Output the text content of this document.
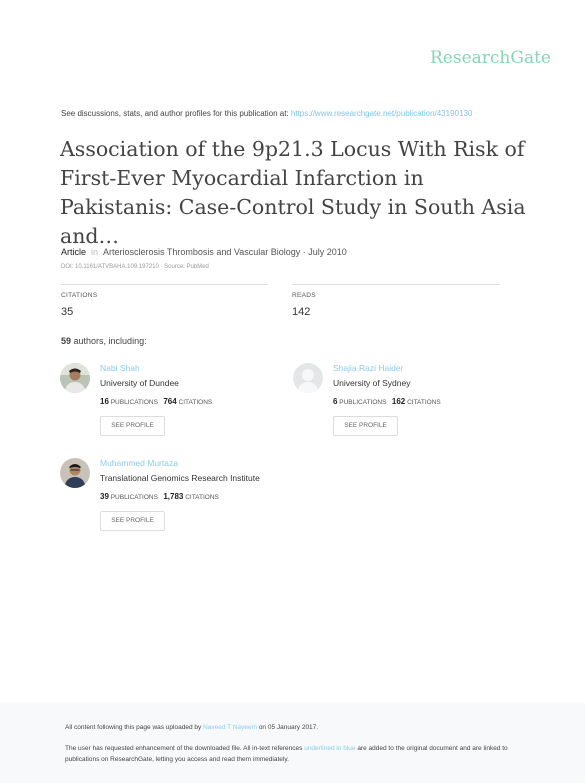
ResearchGate
See discussions, stats, and author profiles for this publication at: https://www.researchgate.net/publication/43190130
Association of the 9p21.3 Locus With Risk of First-Ever Myocardial Infarction in Pakistanis: Case-Control Study in South Asia and…
Article in Arteriosclerosis Thrombosis and Vascular Biology · July 2010
DOI: 10.1161/ATVBAHA.109.197210 · Source: PubMed
CITATIONS
35
READS
142
59 authors, including:
Nabi Shah
University of Dundee
16 PUBLICATIONS 764 CITATIONS
SEE PROFILE
Shajia Razi Haider
University of Sydney
6 PUBLICATIONS 162 CITATIONS
SEE PROFILE
Muhammed Murtaza
Translational Genomics Research Institute
39 PUBLICATIONS 1,783 CITATIONS
SEE PROFILE
All content following this page was uploaded by Naveed T Nayeem on 05 January 2017.
The user has requested enhancement of the downloaded file. All in-text references underlined in blue are added to the original document and are linked to publications on ResearchGate, letting you access and read them immediately.
